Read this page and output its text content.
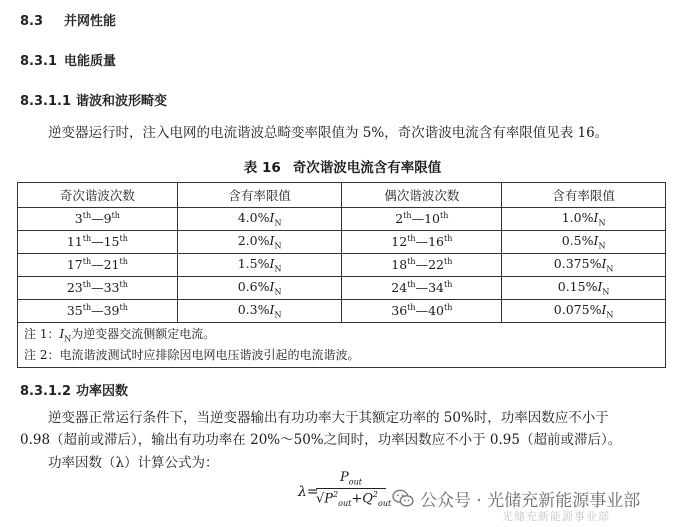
8.3 并网性能
8.3.1 电能质量
8.3.1.1 谐波和波形畸变
逆变器运行时，注入电网的电流谐波总畸变率限值为 5%，奇次谐波电流含有率限值见表 16。
表 16 奇次谐波电流含有率限值
奇次谐波次数	含有率限值	偶次谐波次数	含有率限值
3th—9th	$4.0\%I_N$	2th—10th	$1.0\%I_N$
11th—15th	$2.0\%I_N$	12th—16th	$0.5\%I_N$
17th—21th	$1.5\%I_N$	18th—22th	$0.375\%I_N$
23th—33th	$0.6\%I_N$	24th—34th	$0.15\%I_N$
35th—39th	$0.3\%I_N$	36th—40th	$0.075\%I_N$

注 1：$I_N$为逆变器交流侧额定电流。
注 2：电流谐波测试时应排除因电网电压谐波引起的电流谐波。			
8.3.1.2 功率因数
逆变器正常运行条件下，当逆变器输出有功功率大于其额定功率的 50%时，功率因数应不小于
0.98（超前或滞后），输出有功功率在 20%～50%之间时，功率因数应不小于 0.95（超前或滞后）。
功率因数（λ）计算公式为：
λ=
$P_{out}$
$√P^2_{out}+Q^2_{out}$ 公众号 · 光储充新能源事业部
光储充新能源事业部
